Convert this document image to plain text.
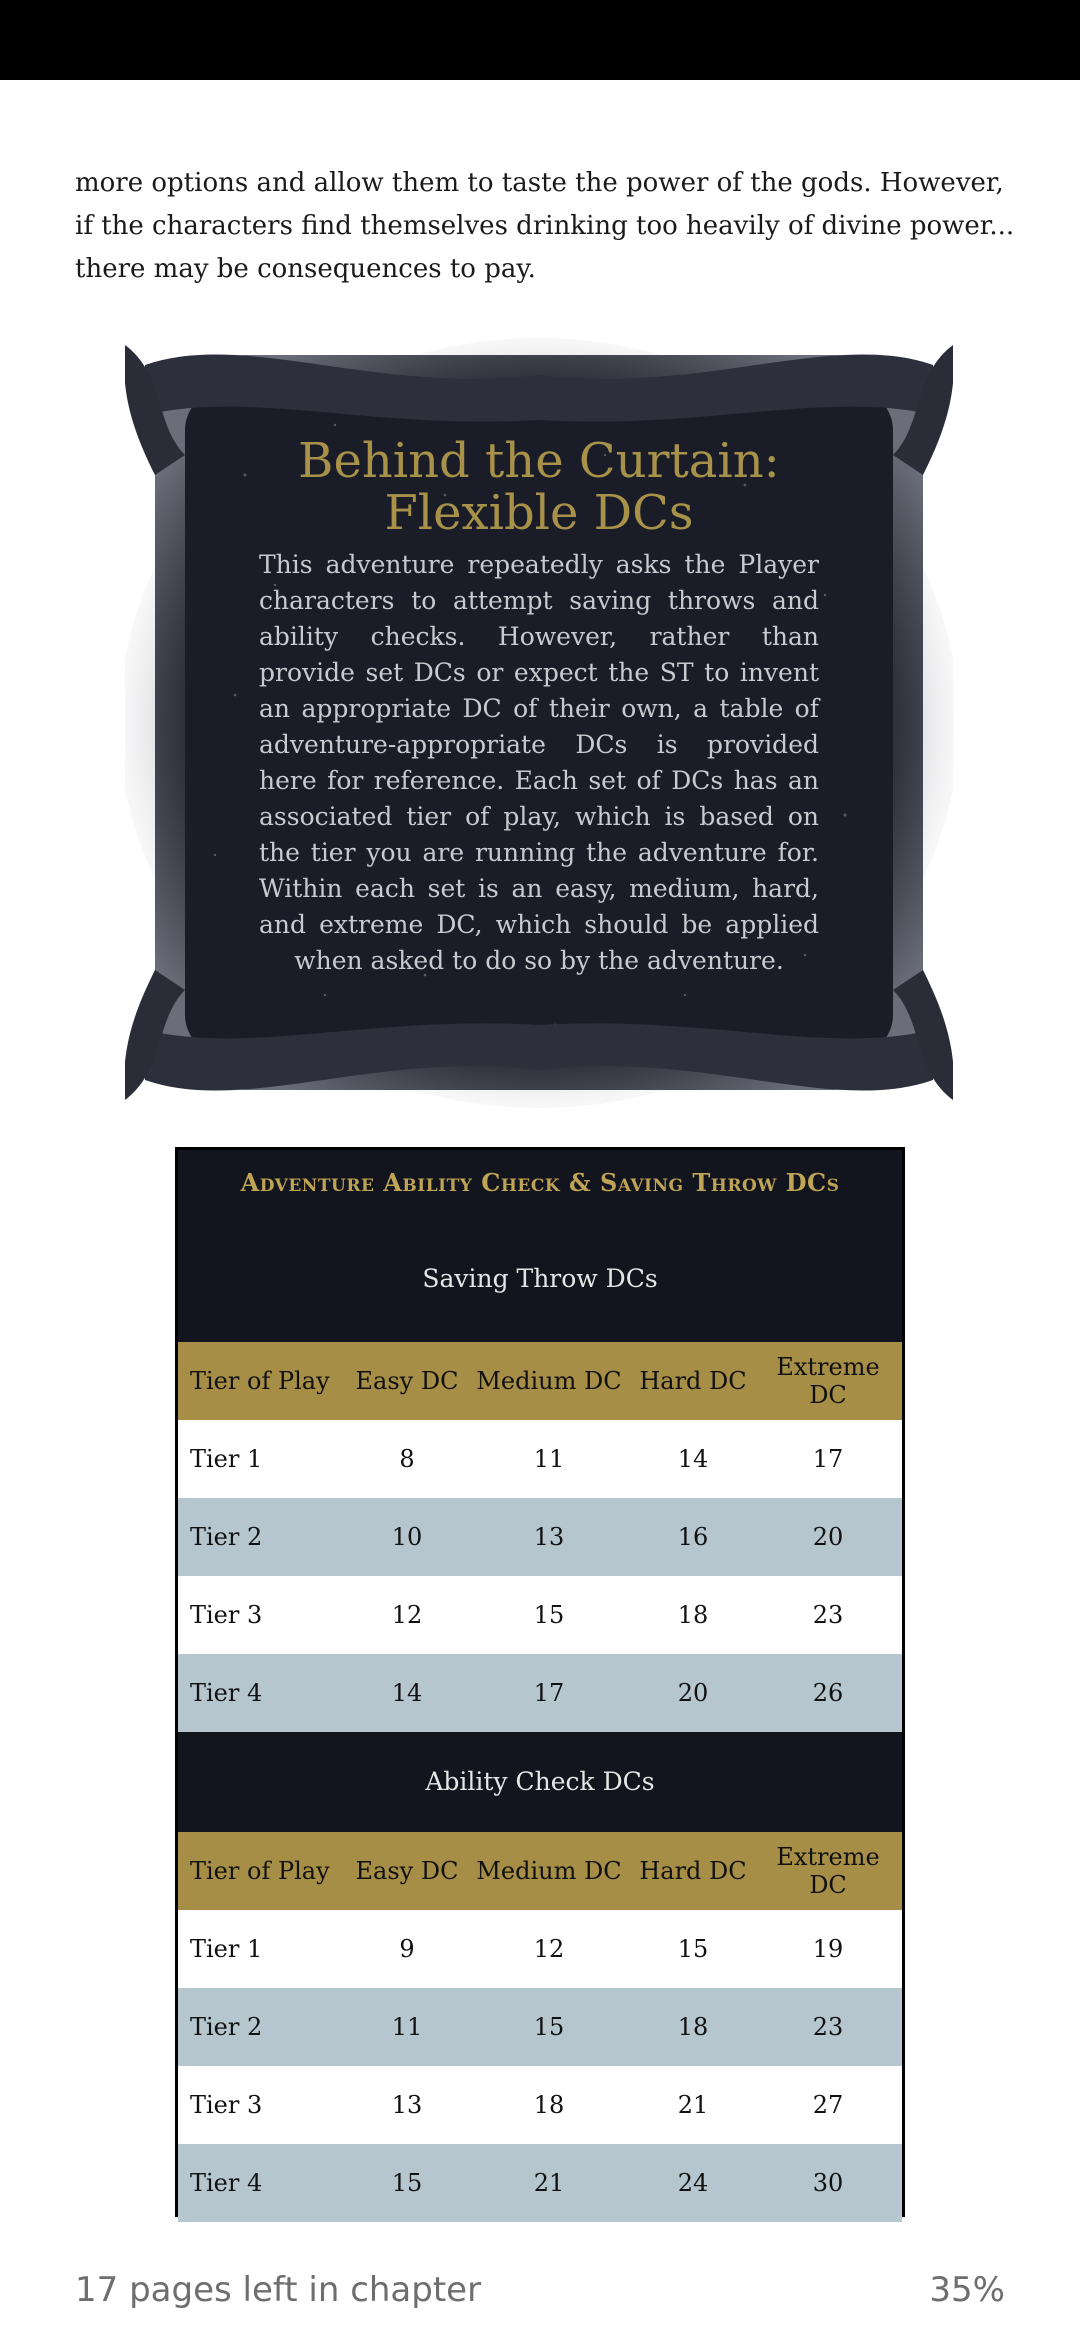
more options and allow them to taste the power of the gods. However, if the characters find themselves drinking too heavily of divine power... there may be consequences to pay.

Behind the Curtain:
Flexible DCs

This adventure repeatedly asks the Player characters to attempt saving throws and ability checks. However, rather than provide set DCs or expect the ST to invent an appropriate DC of their own, a table of adventure-appropriate DCs is provided here for reference. Each set of DCs has an associated tier of play, which is based on the tier you are running the adventure for. Within each set is an easy, medium, hard, and extreme DC, which should be applied when asked to do so by the adventure.

Adventure Ability Check & Saving Throw DCs
Saving Throw DCs
Tier of Play	Easy DC Medium DC Hard DC	Extreme DC
Tier 1	8	11	14	17
Tier 2	10	13	16	20
Tier 3	12	15	18	23
Tier 4	14	17	20	26
Ability Check DCs
Tier of Play	Easy DC Medium DC Hard DC	Extreme DC
Tier 1	9	12	15	19
Tier 2	11	15	18	23
Tier 3	13	18	21	27
Tier 4	15	21	24	30
17 pages left in chapter	35%
